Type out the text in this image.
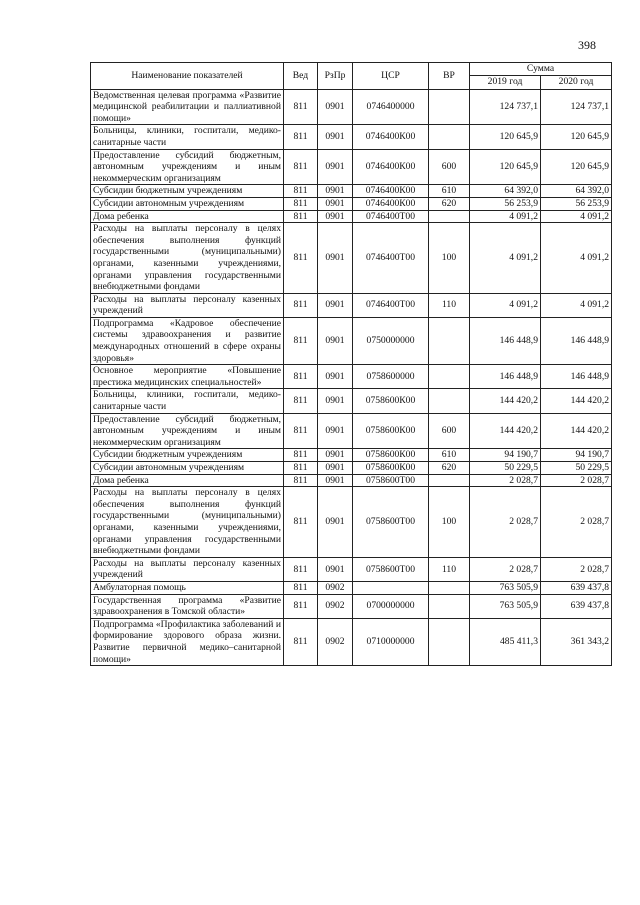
398
Наименование показателей	Вед	РзПр	ЦСР	ВР	Сумма	
					2019 год	2020 год
Ведомственная целевая программа «Развитие медицинской реабилитации и паллиативной помощи»	811	0901	0746400000		124 737,1	124 737,1
Больницы, клиники, госпитали, медико-санитарные части	811	0901	0746400К00		120 645,9	120 645,9
Предоставление субсидий бюджетным, автономным учреждениям и иным некоммерческим организациям	811	0901	0746400К00	600	120 645,9	120 645,9
Субсидии бюджетным учреждениям	811	0901	0746400К00	610	64 392,0	64 392,0
Субсидии автономным учреждениям	811	0901	0746400К00	620	56 253,9	56 253,9
Дома ребенка	811	0901	0746400Т00		4 091,2	4 091,2
Расходы на выплаты персоналу в целях обеспечения выполнения функций государственными (муниципальными) органами, казенными учреждениями, органами управления государственными внебюджетными фондами	811	0901	0746400Т00	100	4 091,2	4 091,2
Расходы на выплаты персоналу казенных учреждений	811	0901	0746400Т00	110	4 091,2	4 091,2
Подпрограмма «Кадровое обеспечение системы здравоохранения и развитие международных отношений в сфере охраны здоровья»	811	0901	0750000000		146 448,9	146 448,9
Основное мероприятие «Повышение престижа медицинских специальностей»	811	0901	0758600000		146 448,9	146 448,9
Больницы, клиники, госпитали, медико-санитарные части	811	0901	0758600К00		144 420,2	144 420,2
Предоставление субсидий бюджетным, автономным учреждениям и иным некоммерческим организациям	811	0901	0758600К00	600	144 420,2	144 420,2
Субсидии бюджетным учреждениям	811	0901	0758600К00	610	94 190,7	94 190,7
Субсидии автономным учреждениям	811	0901	0758600К00	620	50 229,5	50 229,5
Дома ребенка	811	0901	0758600Т00		2 028,7	2 028,7
Расходы на выплаты персоналу в целях обеспечения выполнения функций государственными (муниципальными) органами, казенными учреждениями, органами управления государственными внебюджетными фондами	811	0901	0758600Т00	100	2 028,7	2 028,7
Расходы на выплаты персоналу казенных учреждений	811	0901	0758600Т00	110	2 028,7	2 028,7
Амбулаторная помощь	811	0902			763 505,9	639 437,8
Государственная программа «Развитие здравоохранения в Томской области»	811	0902	0700000000		763 505,9	639 437,8
Подпрограмма «Профилактика заболеваний и формирование здорового образа жизни. Развитие первичной медико–санитарной помощи»	811	0902	0710000000		485 411,3	361 343,2
